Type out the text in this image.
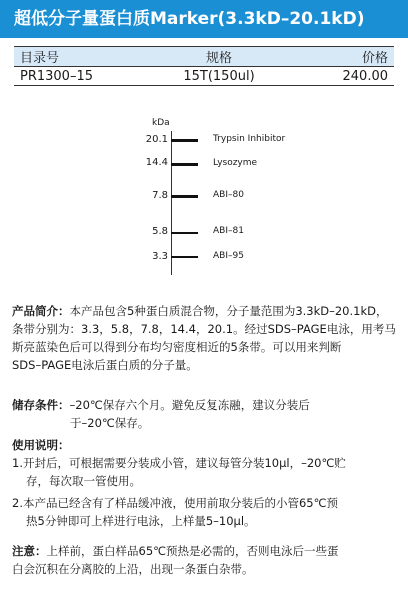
超低分子量蛋白质Marker(3.3kD–20.1kD)
目录号	规格	价格
PR1300–15	15T(150ul)	240.00
kDa
20.1	Trypsin Inhibitor
14.4	Lysozyme
7.8	ABI–80
5.8	ABI–81
3.3	ABI–95
产品简介：本产品包含5种蛋白质混合物，分子量范围为3.3kD–20.1kD，
条带分别为：3.3，5.8，7.8，14.4，20.1。经过SDS–PAGE电泳，用考马
斯亮蓝染色后可以得到分布均匀密度相近的5条带。可以用来判断
SDS–PAGE电泳后蛋白质的分子量。
储存条件：–20℃保存六个月。避免反复冻融，建议分装后
于–20℃保存。
使用说明：
1.开封后，可根据需要分装成小管，建议每管分装10μl，–20℃贮
存，每次取一管使用。
2.本产品已经含有了样品缓冲液，使用前取分装后的小管65℃预
热5分钟即可上样进行电泳，上样量5–10μl。
注意：上样前，蛋白样品65℃预热是必需的，否则电泳后一些蛋
白会沉积在分离胶的上沿，出现一条蛋白杂带。
